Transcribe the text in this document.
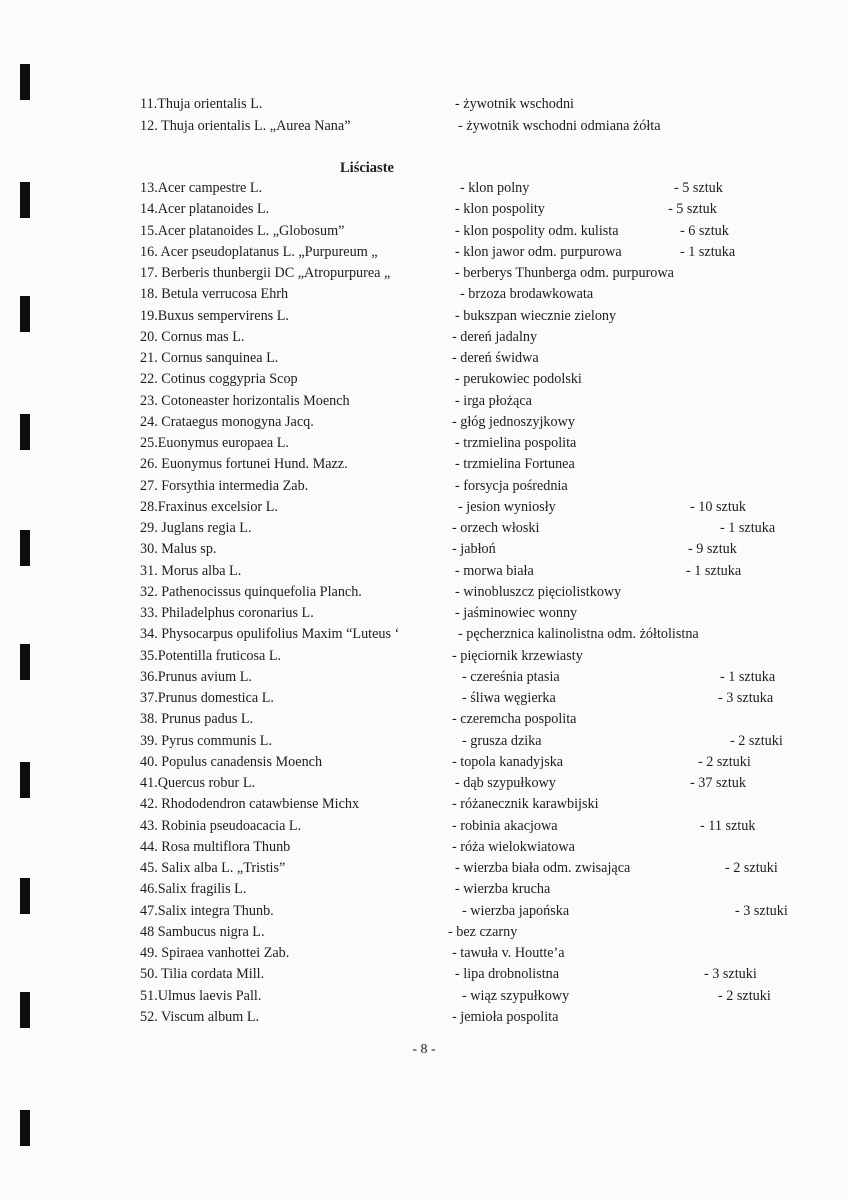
11.Thuja orientalis L.	- żywotnik wschodni
12. Thuja orientalis L. „Aurea Nana”	- żywotnik wschodni odmiana żółta
Liściaste
13.Acer campestre L.	- klon polny	- 5 sztuk
14.Acer platanoides L.	- klon pospolity	- 5 sztuk
15.Acer platanoides L. „Globosum”	- klon pospolity odm. kulista	- 6 sztuk
16. Acer pseudoplatanus L. „Purpureum „	- klon jawor odm. purpurowa	- 1 sztuka
17. Berberis thunbergii DC „Atropurpurea „	- berberys Thunberga odm. purpurowa
18. Betula verrucosa Ehrh	- brzoza brodawkowata
19.Buxus sempervirens L.	- bukszpan wiecznie zielony
20. Cornus mas L.	- dereń jadalny
21. Cornus sanquinea L.	- dereń świdwa
22. Cotinus coggypria Scop	- perukowiec podolski
23. Cotoneaster horizontalis Moench	- irga płożąca
24. Crataegus monogyna Jacq.	- głóg jednoszyjkowy
25.Euonymus europaea L.	- trzmielina pospolita
26. Euonymus fortunei Hund. Mazz.	- trzmielina Fortunea
27. Forsythia intermedia Zab.	- forsycja pośrednia
28.Fraxinus excelsior L.	- jesion wyniosły	- 10 sztuk
29. Juglans regia L.	- orzech włoski	- 1 sztuka
30. Malus sp.	- jabłoń	- 9 sztuk
31. Morus alba L.	- morwa biała	- 1 sztuka
32. Pathenocissus quinquefolia Planch.	- winobluszcz pięciolistkowy
33. Philadelphus coronarius L.	- jaśminowiec wonny
34. Physocarpus opulifolius Maxim “Luteus ‘	- pęcherznica kalinolistna odm. żółtolistna
35.Potentilla fruticosa L.	- pięciornik krzewiasty
36.Prunus avium L.	- czereśnia ptasia	- 1 sztuka
37.Prunus domestica L.	- śliwa węgierka	- 3 sztuka
38. Prunus padus L.	- czeremcha pospolita
39. Pyrus communis L.	- grusza dzika	- 2 sztuki
40. Populus canadensis Moench	- topola kanadyjska	- 2 sztuki
41.Quercus robur L.	- dąb szypułkowy	- 37 sztuk
42. Rhododendron catawbiense Michx	- różanecznik karawbijski
43. Robinia pseudoacacia L.	- robinia akacjowa	- 11 sztuk
44. Rosa multiflora Thunb	- róża wielokwiatowa
45. Salix alba L. „Tristis”	- wierzba biała odm. zwisająca	- 2 sztuki
46.Salix fragilis L.	- wierzba krucha
47.Salix integra Thunb.	- wierzba japońska	- 3 sztuki
48 Sambucus nigra L.	- bez czarny
49. Spiraea vanhottei Zab.	- tawuła v. Houtte’a
50. Tilia cordata Mill.	- lipa drobnolistna	- 3 sztuki
51.Ulmus laevis Pall.	- wiąz szypułkowy	- 2 sztuki
52. Viscum album L.	- jemioła pospolita
- 8 -
